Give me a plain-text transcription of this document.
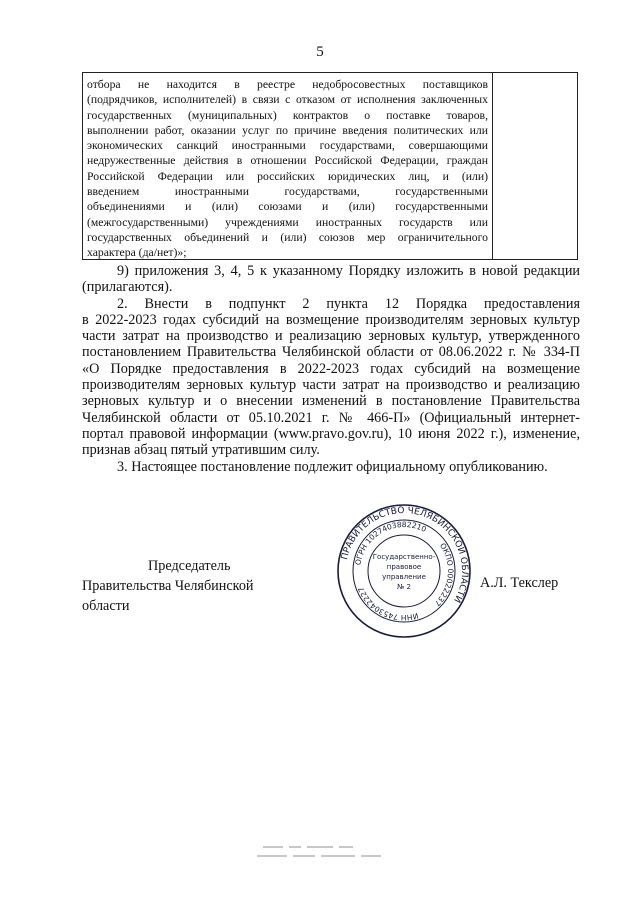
5
отбора не находится в реестре недобросовестных поставщиков
(подрядчиков, исполнителей) в связи с отказом от исполнения заключенных
государственных (муниципальных) контрактов о поставке товаров,
выполнении работ, оказании услуг по причине введения политических или
экономических санкций иностранными государствами, совершающими
недружественные действия в отношении Российской Федерации, граждан
Российской Федерации или российских юридических лиц, и (или)
введением иностранными государствами, государственными
объединениями и (или) союзами и (или) государственными
(межгосударственными) учреждениями иностранных государств или
государственных объединений и (или) союзов мер ограничительного
характера (да/нет)»;
9) приложения 3, 4, 5 к указанному Порядку изложить в новой редакции
(прилагаются).
2. Внести в подпункт 2 пункта 12 Порядка предоставления
в 2022-2023 годах субсидий на возмещение производителям зерновых культур
части затрат на производство и реализацию зерновых культур, утвержденного
постановлением Правительства Челябинской области от 08.06.2022 г. № 334-П
«О Порядке предоставления в 2022-2023 годах субсидий на возмещение
производителям зерновых культур части затрат на производство и реализацию
зерновых культур и о внесении изменений в постановление Правительства
Челябинской области от 05.10.2021 г. № 466-П» (Официальный интернет-
портал правовой информации (www.pravo.gov.ru), 10 июня 2022 г.), изменение,
признав абзац пятый утратившим силу.
3. Настоящее постановление подлежит официальному опубликованию.
Председатель
Правительства Челябинской области
А.Л. Текслер
ПРАВИТЕЛЬСТВО ЧЕЛЯБИНСКОЙ ОБЛАСТИ
ОГРН 1027403882210
ОКПО 00022237
ИНН 7453042227
Государственно-
правовое
управление
№ 2
